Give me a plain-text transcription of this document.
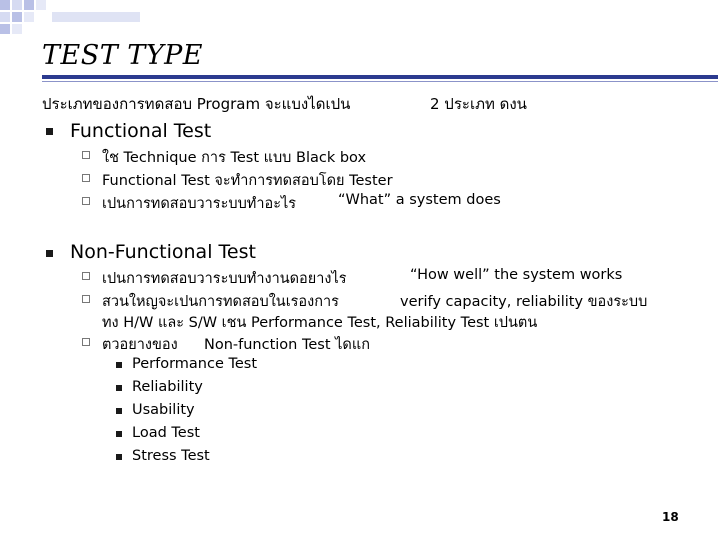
TEST TYPE
ประเภทของการทดสอบ Program จะแบงไดเปน	2 ประเภท ดงน
Functional Test
ใช Technique การ Test แบบ Black box
Functional Test จะทำการทดสอบโดย Tester
เปนการทดสอบวาระบบทำอะไร	“What” a system does
Non-Functional Test
เปนการทดสอบวาระบบทำงานดอยางไร	“How well” the system works
สวนใหญจะเปนการทดสอบในเรองการ	verify capacity, reliability ของระบบ
ทง H/W และ S/W เชน Performance Test, Reliability Test เปนตน
ตวอยางของ Non-function Test ไดแก
Performance Test
Reliability
Usability
Load Test
Stress Test
18
